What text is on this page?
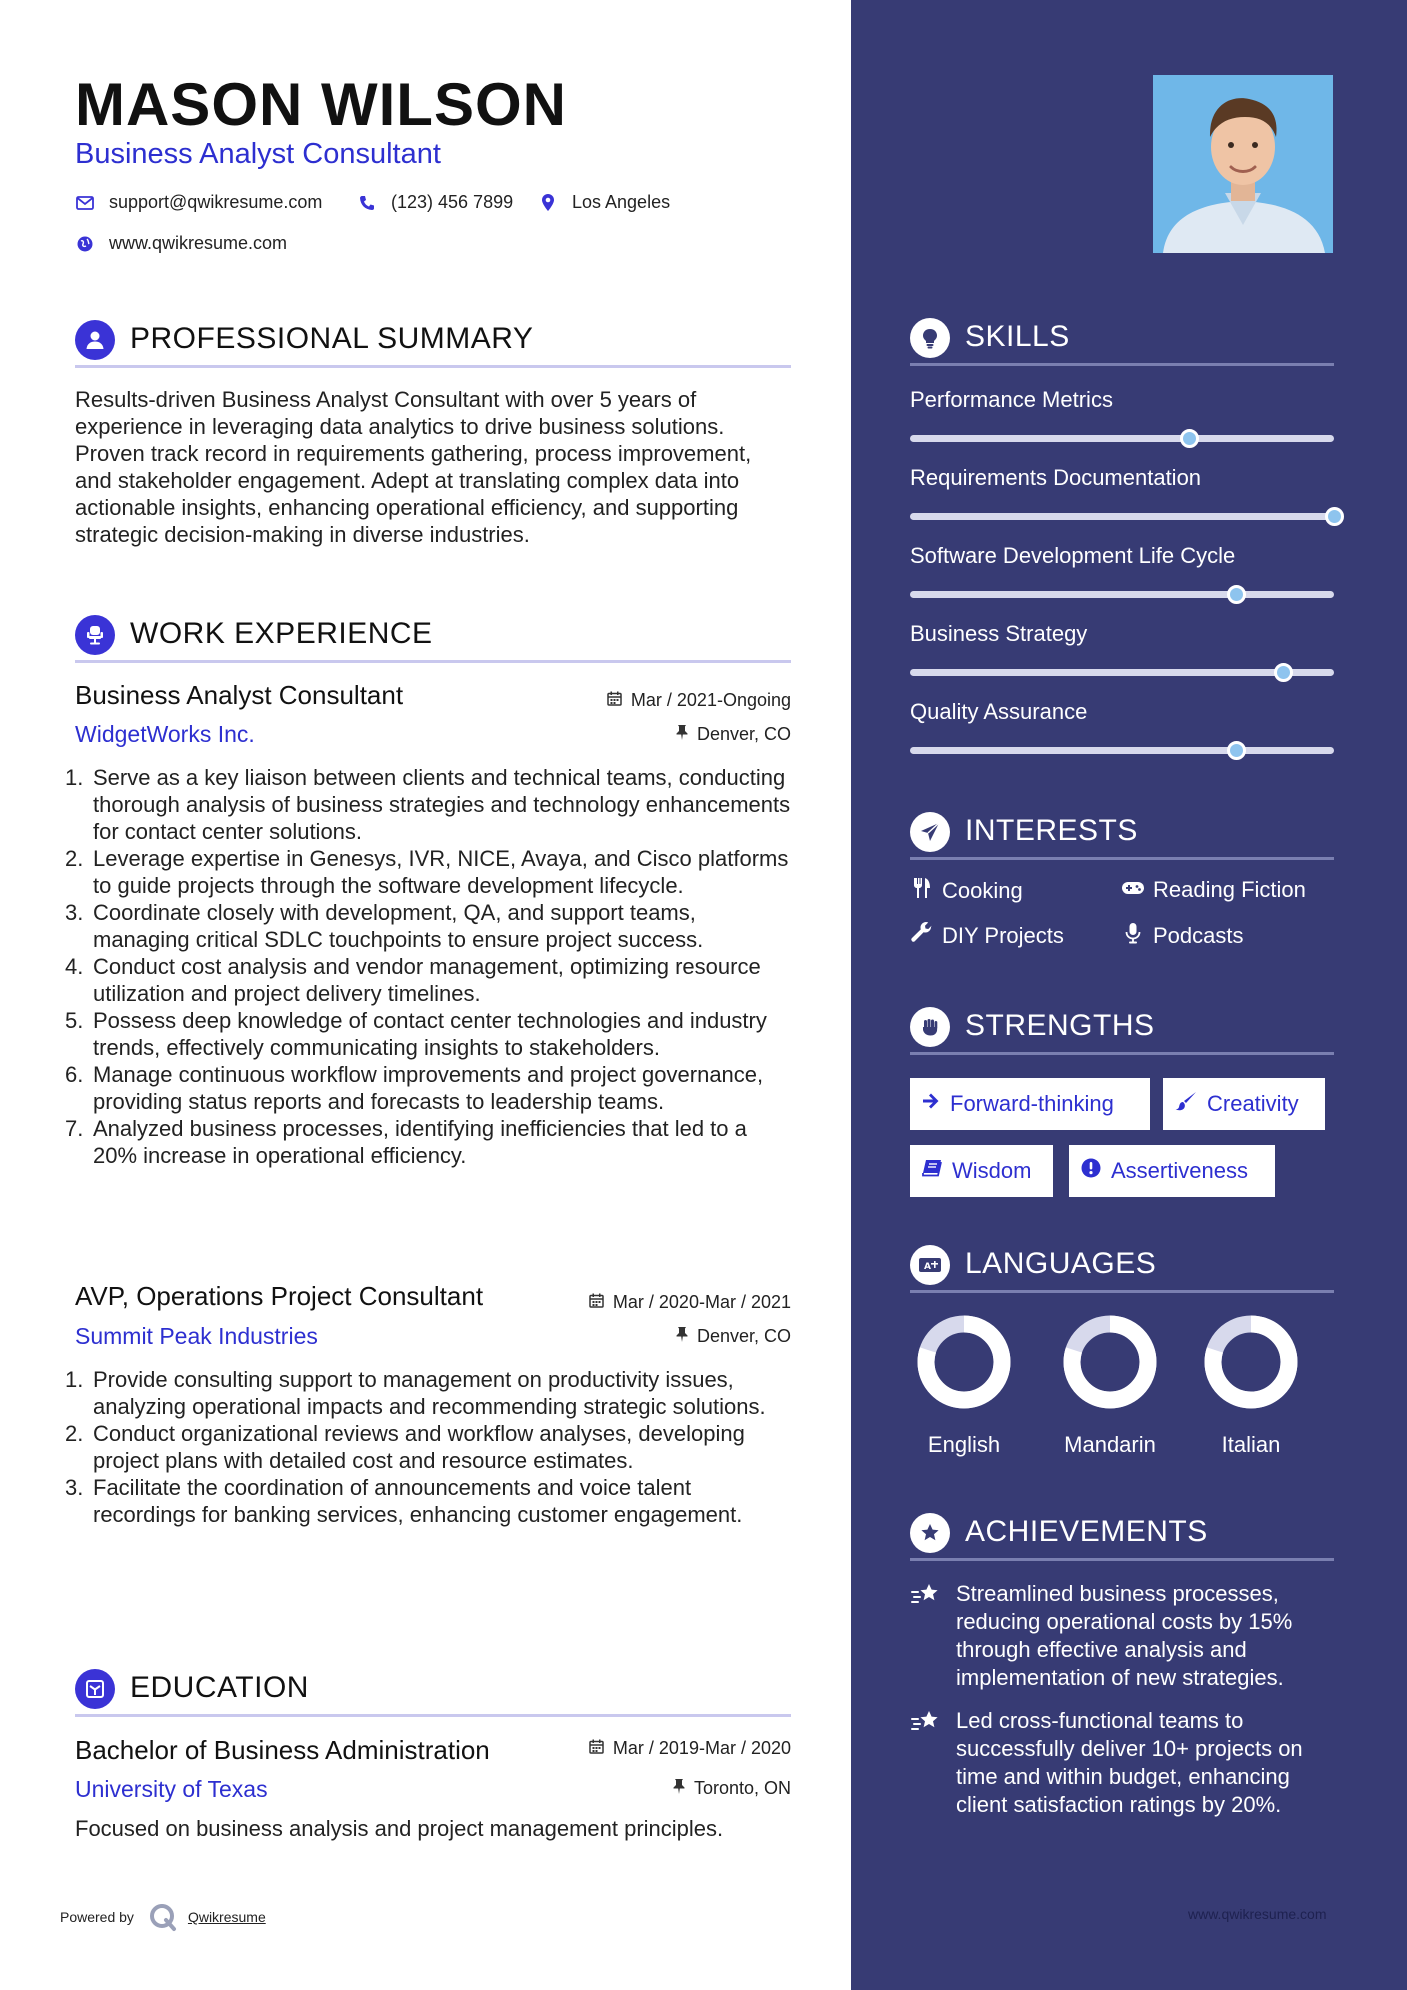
MASON WILSON
Business Analyst Consultant
support@qwikresume.com	(123) 456 7899	Los Angeles
www.qwikresume.com
PROFESSIONAL SUMMARY
Results-driven Business Analyst Consultant with over 5 years of experience in leveraging data analytics to drive business solutions. Proven track record in requirements gathering, process improvement, and stakeholder engagement. Adept at translating complex data into actionable insights, enhancing operational efficiency, and supporting strategic decision-making in diverse industries.
WORK EXPERIENCE
Business Analyst Consultant	Mar / 2021-Ongoing
WidgetWorks Inc.	Denver, CO
Serve as a key liaison between clients and technical teams, conducting thorough analysis of business strategies and technology enhancements for contact center solutions.
Leverage expertise in Genesys, IVR, NICE, Avaya, and Cisco platforms to guide projects through the software development lifecycle.
Coordinate closely with development, QA, and support teams, managing critical SDLC touchpoints to ensure project success.
Conduct cost analysis and vendor management, optimizing resource utilization and project delivery timelines.
Possess deep knowledge of contact center technologies and industry trends, effectively communicating insights to stakeholders.
Manage continuous workflow improvements and project governance, providing status reports and forecasts to leadership teams.
Analyzed business processes, identifying inefficiencies that led to a 20% increase in operational efficiency.
AVP, Operations Project Consultant	Mar / 2020-Mar / 2021
Summit Peak Industries	Denver, CO
Provide consulting support to management on productivity issues, analyzing operational impacts and recommending strategic solutions.
Conduct organizational reviews and workflow analyses, developing project plans with detailed cost and resource estimates.
Facilitate the coordination of announcements and voice talent recordings for banking services, enhancing customer engagement.
EDUCATION
Bachelor of Business Administration	Mar / 2019-Mar / 2020
University of Texas	Toronto, ON
Focused on business analysis and project management principles.
Powered by	Qwikresume
SKILLS
Performance Metrics
Requirements Documentation
Software Development Life Cycle
Business Strategy
Quality Assurance
INTERESTS
Cooking	Reading Fiction
DIY Projects	Podcasts
STRENGTHS
Forward-thinking	Creativity
Wisdom	Assertiveness
A LANGUAGES
English	Mandarin	Italian
ACHIEVEMENTS
Streamlined business processes, reducing operational costs by 15% through effective analysis and implementation of new strategies.
Led cross-functional teams to successfully deliver 10+ projects on time and within budget, enhancing client satisfaction ratings by 20%.
www.qwikresume.com
